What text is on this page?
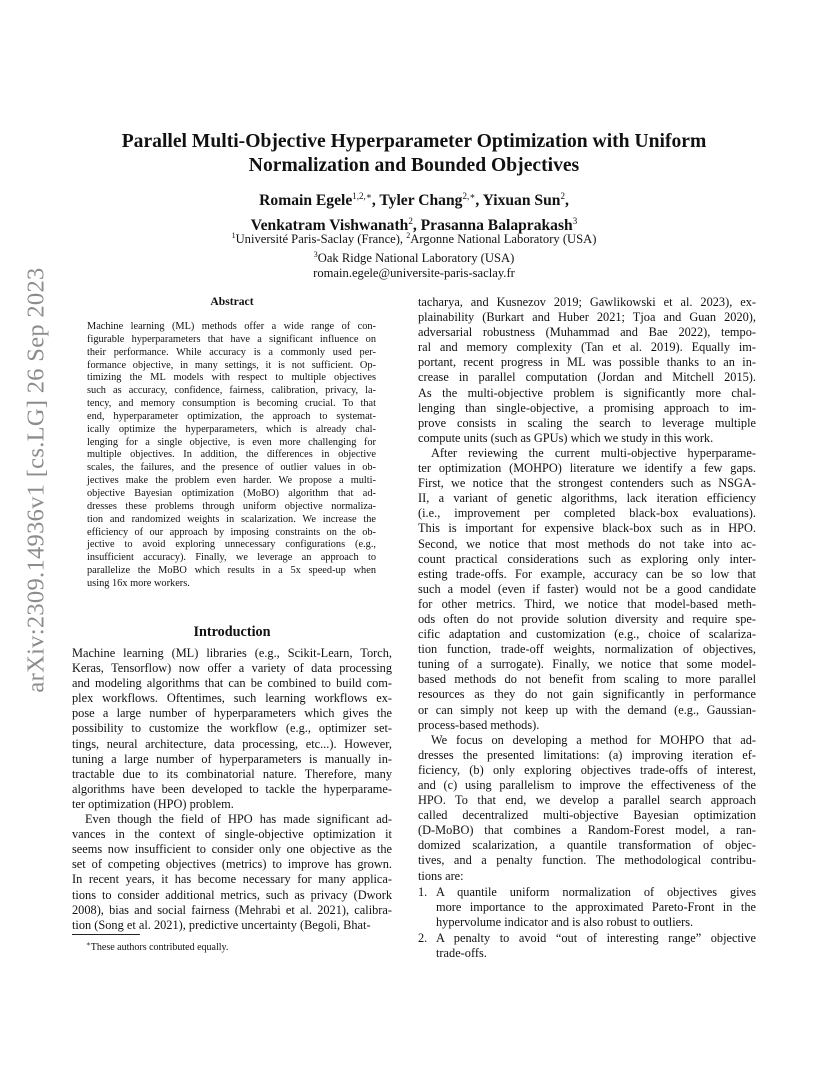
arXiv:2309.14936v1 [cs.LG] 26 Sep 2023
Parallel Multi-Objective Hyperparameter Optimization with Uniform
Normalization and Bounded Objectives
Romain Egele$^{1,2,∗}$, Tyler Chang$^{2,∗}$, Yixuan Sun$^2$,
Venkatram Vishwanath$^2$, Prasanna Balaprakash$^3$
$^1$Université Paris-Saclay (France), $^2$Argonne National Laboratory (USA)
$^3$Oak Ridge National Laboratory (USA)
romain.egele@universite-paris-saclay.fr
Abstract
Machine learning (ML) methods offer a wide range of con-
figurable hyperparameters that have a significant influence on
their performance. While accuracy is a commonly used per-
formance objective, in many settings, it is not sufficient. Op-
timizing the ML models with respect to multiple objectives
such as accuracy, confidence, fairness, calibration, privacy, la-
tency, and memory consumption is becoming crucial. To that
end, hyperparameter optimization, the approach to systemat-
ically optimize the hyperparameters, which is already chal-
lenging for a single objective, is even more challenging for
multiple objectives. In addition, the differences in objective
scales, the failures, and the presence of outlier values in ob-
jectives make the problem even harder. We propose a multi-
objective Bayesian optimization (MoBO) algorithm that ad-
dresses these problems through uniform objective normaliza-
tion and randomized weights in scalarization. We increase the
efficiency of our approach by imposing constraints on the ob-
jective to avoid exploring unnecessary configurations (e.g.,
insufficient accuracy). Finally, we leverage an approach to
parallelize the MoBO which results in a 5x speed-up when
using 16x more workers.
Introduction

Machine learning (ML) libraries (e.g., Scikit-Learn, Torch,
Keras, Tensorflow) now offer a variety of data processing
and modeling algorithms that can be combined to build com-
plex workflows. Oftentimes, such learning workflows ex-
pose a large number of hyperparameters which gives the
possibility to customize the workflow (e.g., optimizer set-
tings, neural architecture, data processing, etc...). However,
tuning a large number of hyperparameters is manually in-
tractable due to its combinatorial nature. Therefore, many
algorithms have been developed to tackle the hyperparame-
ter optimization (HPO) problem.

Even though the field of HPO has made significant ad-
vances in the context of single-objective optimization it
seems now insufficient to consider only one objective as the
set of competing objectives (metrics) to improve has grown.
In recent years, it has become necessary for many applica-
tions to consider additional metrics, such as privacy (Dwork
2008), bias and social fairness (Mehrabi et al. 2021), calibra-
tion (Song et al. 2021), predictive uncertainty (Begoli, Bhat-

tacharya, and Kusnezov 2019; Gawlikowski et al. 2023), ex-
plainability (Burkart and Huber 2021; Tjoa and Guan 2020),
adversarial robustness (Muhammad and Bae 2022), tempo-
ral and memory complexity (Tan et al. 2019). Equally im-
portant, recent progress in ML was possible thanks to an in-
crease in parallel computation (Jordan and Mitchell 2015).
As the multi-objective problem is significantly more chal-
lenging than single-objective, a promising approach to im-
prove consists in scaling the search to leverage multiple
compute units (such as GPUs) which we study in this work.

After reviewing the current multi-objective hyperparame-
ter optimization (MOHPO) literature we identify a few gaps.
First, we notice that the strongest contenders such as NSGA-
II, a variant of genetic algorithms, lack iteration efficiency
(i.e., improvement per completed black-box evaluations).
This is important for expensive black-box such as in HPO.
Second, we notice that most methods do not take into ac-
count practical considerations such as exploring only inter-
esting trade-offs. For example, accuracy can be so low that
such a model (even if faster) would not be a good candidate
for other metrics. Third, we notice that model-based meth-
ods often do not provide solution diversity and require spe-
cific adaptation and customization (e.g., choice of scalariza-
tion function, trade-off weights, normalization of objectives,
tuning of a surrogate). Finally, we notice that some model-
based methods do not benefit from scaling to more parallel
resources as they do not gain significantly in performance
or can simply not keep up with the demand (e.g., Gaussian-
process-based methods).

We focus on developing a method for MOHPO that ad-
dresses the presented limitations: (a) improving iteration ef-
ficiency, (b) only exploring objectives trade-offs of interest,
and (c) using parallelism to improve the effectiveness of the
HPO. To that end, we develop a parallel search approach
called decentralized multi-objective Bayesian optimization
(D-MoBO) that combines a Random-Forest model, a ran-
domized scalarization, a quantile transformation of objec-
tives, and a penalty function. The methodological contribu-
tions are:

1. A quantile uniform normalization of objectives gives
more importance to the approximated Pareto-Front in the
hypervolume indicator and is also robust to outliers.
2. A penalty to avoid “out of interesting range” objective
trade-offs.
∗These authors contributed equally.
